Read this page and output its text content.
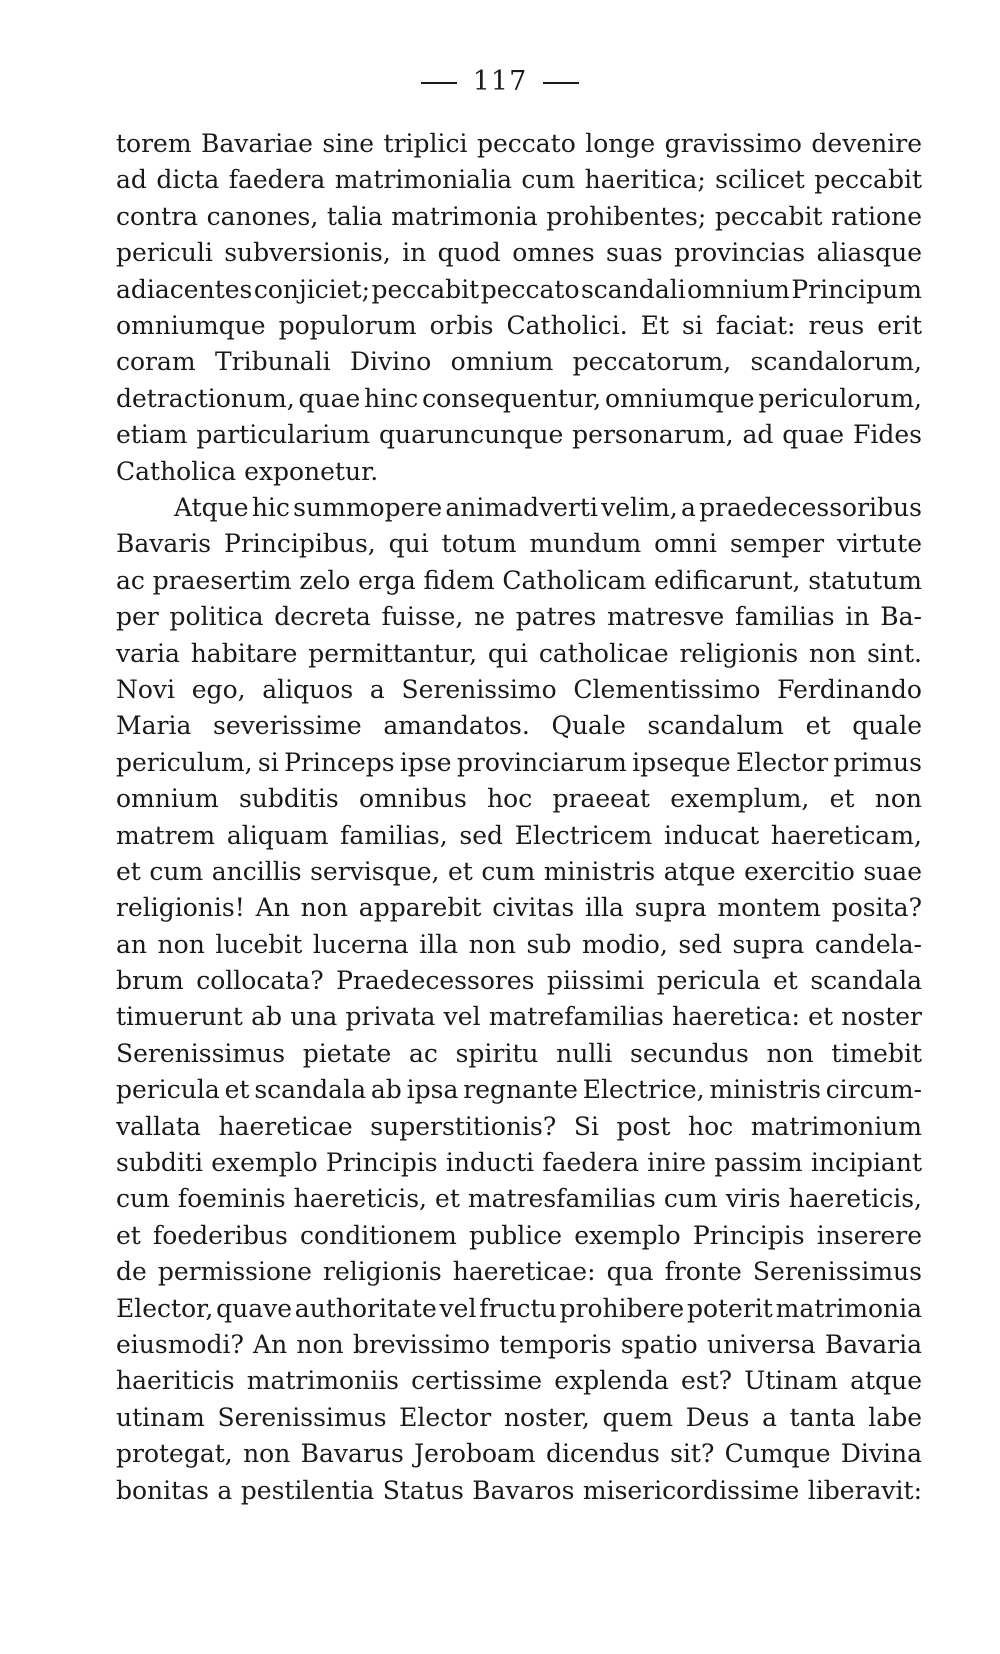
117
torem Bavariae sine triplici peccato longe gravissimo devenire
ad dicta faedera matrimonialia cum haeritica; scilicet peccabit
contra canones, talia matrimonia prohibentes; peccabit ratione
periculi subversionis, in quod omnes suas provincias aliasque
adiacentes conjiciet; peccabit peccato scandali omnium Principum
omniumque populorum orbis Catholici. Et si faciat: reus erit
coram Tribunali Divino omnium peccatorum, scandalorum,
detractionum, quae hinc consequentur, omniumque periculorum,
etiam particularium quaruncunque personarum, ad quae Fides
Catholica exponetur.
Atque hic summopere animadverti velim, a praedecessoribus
Bavaris Principibus, qui totum mundum omni semper virtute
ac praesertim zelo erga fidem Catholicam edificarunt, statutum
per politica decreta fuisse, ne patres matresve familias in Ba-
varia habitare permittantur, qui catholicae religionis non sint.
Novi ego, aliquos a Serenissimo Clementissimo Ferdinando
Maria severissime amandatos. Quale scandalum et quale
periculum, si Princeps ipse provinciarum ipseque Elector primus
omnium subditis omnibus hoc praeeat exemplum, et non
matrem aliquam familias, sed Electricem inducat haereticam,
et cum ancillis servisque, et cum ministris atque exercitio suae
religionis! An non apparebit civitas illa supra montem posita?
an non lucebit lucerna illa non sub modio, sed supra candela-
brum collocata? Praedecessores piissimi pericula et scandala
timuerunt ab una privata vel matrefamilias haeretica: et noster
Serenissimus pietate ac spiritu nulli secundus non timebit
pericula et scandala ab ipsa regnante Electrice, ministris circum-
vallata haereticae superstitionis? Si post hoc matrimonium
subditi exemplo Principis inducti faedera inire passim incipiant
cum foeminis haereticis, et matresfamilias cum viris haereticis,
et foederibus conditionem publice exemplo Principis inserere
de permissione religionis haereticae: qua fronte Serenissimus
Elector, quave authoritate vel fructu prohibere poterit matrimonia
eiusmodi? An non brevissimo temporis spatio universa Bavaria
haeriticis matrimoniis certissime explenda est? Utinam atque
utinam Serenissimus Elector noster, quem Deus a tanta labe
protegat, non Bavarus Jeroboam dicendus sit? Cumque Divina
bonitas a pestilentia Status Bavaros misericordissime liberavit:
